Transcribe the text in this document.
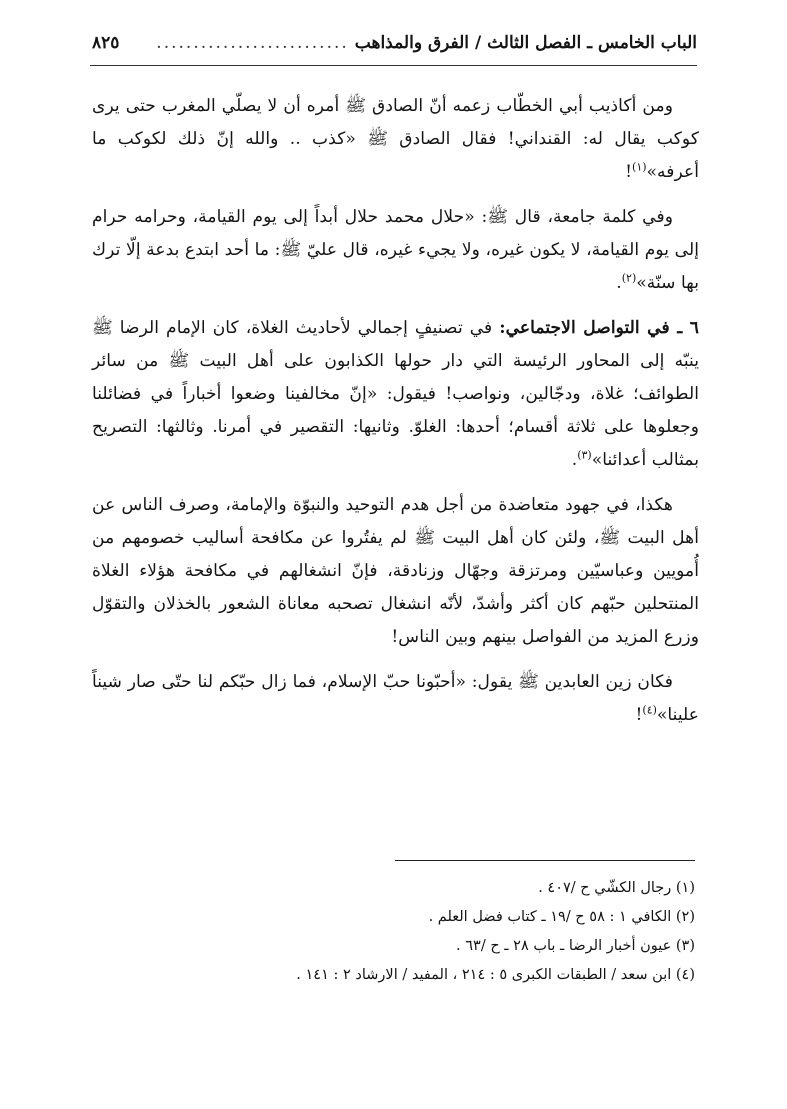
الباب الخامس ـ الفصل الثالث / الفرق والمذاهب
..........................
٨٢٥

ومن أكاذيب أبي الخطّاب زعمه أنّ الصادق ﷺ أمره أن لا يصلّي المغرب حتى يرى كوكب يقال له: القنداني! فقال الصادق ﷺ «كذب .. والله إنّ ذلك لكوكب ما أعرفه»$^{(١)}$!

وفي كلمة جامعة، قال ﷺ: «حلال محمد حلال أبداً إلى يوم القيامة، وحرامه حرام إلى يوم القيامة، لا يكون غيره، ولا يجيء غيره، قال عليّ ﷺ: ما أحد ابتدع بدعة إلّا ترك بها سنّة»$^{(٢)}$.

٦ ـ في التواصل الاجتماعي: في تصنيفٍ إجمالي لأحاديث الغلاة، كان الإمام الرضا ﷺ ينبّه إلى المحاور الرئيسة التي دار حولها الكذابون على أهل البيت ﷺ من سائر الطوائف؛ غلاة، ودجّالين، ونواصب! فيقول: «إنّ مخالفينا وضعوا أخباراً في فضائلنا وجعلوها على ثلاثة أقسام؛ أحدها: الغلوّ. وثانيها: التقصير في أمرنا. وثالثها: التصريح بمثالب أعدائنا»$^{(٣)}$.

هكذا، في جهود متعاضدة من أجل هدم التوحيد والنبوّة والإمامة، وصرف الناس عن أهل البيت ﷺ، ولئن كان أهل البيت ﷺ لم يفتُروا عن مكافحة أساليب خصومهم من أُمويين وعباسيّين ومرتزقة وجهّال وزنادقة، فإنّ انشغالهم في مكافحة هؤلاء الغلاة المنتحلين حبّهم كان أكثر وأشدّ، لأنّه انشغال تصحبه معاناة الشعور بالخذلان والتقوّل وزرع المزيد من الفواصل بينهم وبين الناس!

فكان زين العابدين ﷺ يقول: «أحبّونا حبّ الإسلام، فما زال حبّكم لنا حتّى صار شيناً علينا»$^{(٤)}$!

(١) رجال الكشّي ح /٤٠٧ .
(٢) الكافي ١ : ٥٨ ح /١٩ ـ كتاب فضل العلم .
(٣) عيون أخبار الرضا ـ باب ٢٨ ـ ح /٦٣ .
(٤) ابن سعد / الطبقات الكبرى ٥ : ٢١٤ ، المفيد / الارشاد ٢ : ١٤١ .
